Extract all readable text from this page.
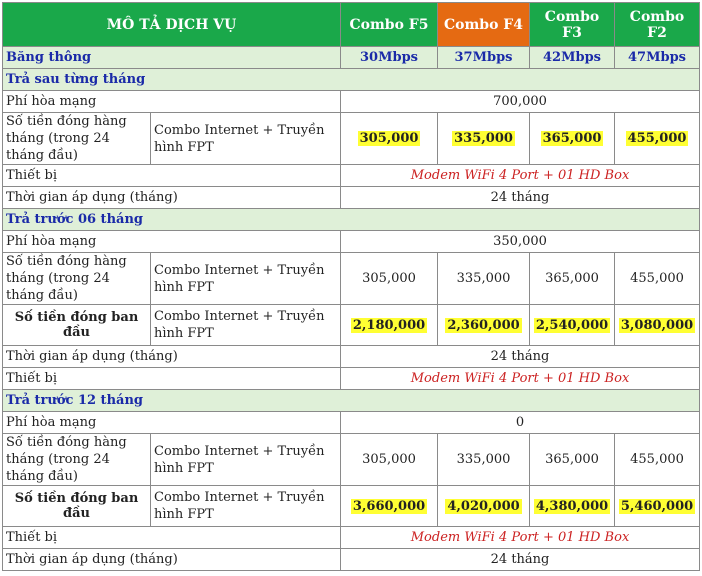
MÔ TẢ DỊCH VỤ		Combo F5	Combo F4	Combo F3	Combo F2
Băng thông		30Mbps	37Mbps	42Mbps	47Mbps
Trả sau từng tháng					
Phí hòa mạng		700,000			
Số tiền đóng hàng tháng (trong 24 tháng đầu)	Combo Internet + Truyền hình FPT	305,000	335,000	365,000	455,000
Thiết bị		Modem WiFi 4 Port + 01 HD Box			
Thời gian áp dụng (tháng)		24 tháng			
Trả trước 06 tháng					
Phí hòa mạng		350,000			
Số tiền đóng hàng tháng (trong 24 tháng đầu)	Combo Internet + Truyền hình FPT	305,000	335,000	365,000	455,000
Số tiền đóng ban đầu	Combo Internet + Truyền hình FPT	2,180,000	2,360,000	2,540,000	3,080,000
Thời gian áp dụng (tháng)		24 tháng			
Thiết bị		Modem WiFi 4 Port + 01 HD Box			
Trả trước 12 tháng					
Phí hòa mạng		0			
Số tiền đóng hàng tháng (trong 24 tháng đầu)	Combo Internet + Truyền hình FPT	305,000	335,000	365,000	455,000
Số tiền đóng ban đầu	Combo Internet + Truyền hình FPT	3,660,000	4,020,000	4,380,000	5,460,000
Thiết bị		Modem WiFi 4 Port + 01 HD Box			
Thời gian áp dụng (tháng)		24 tháng			
